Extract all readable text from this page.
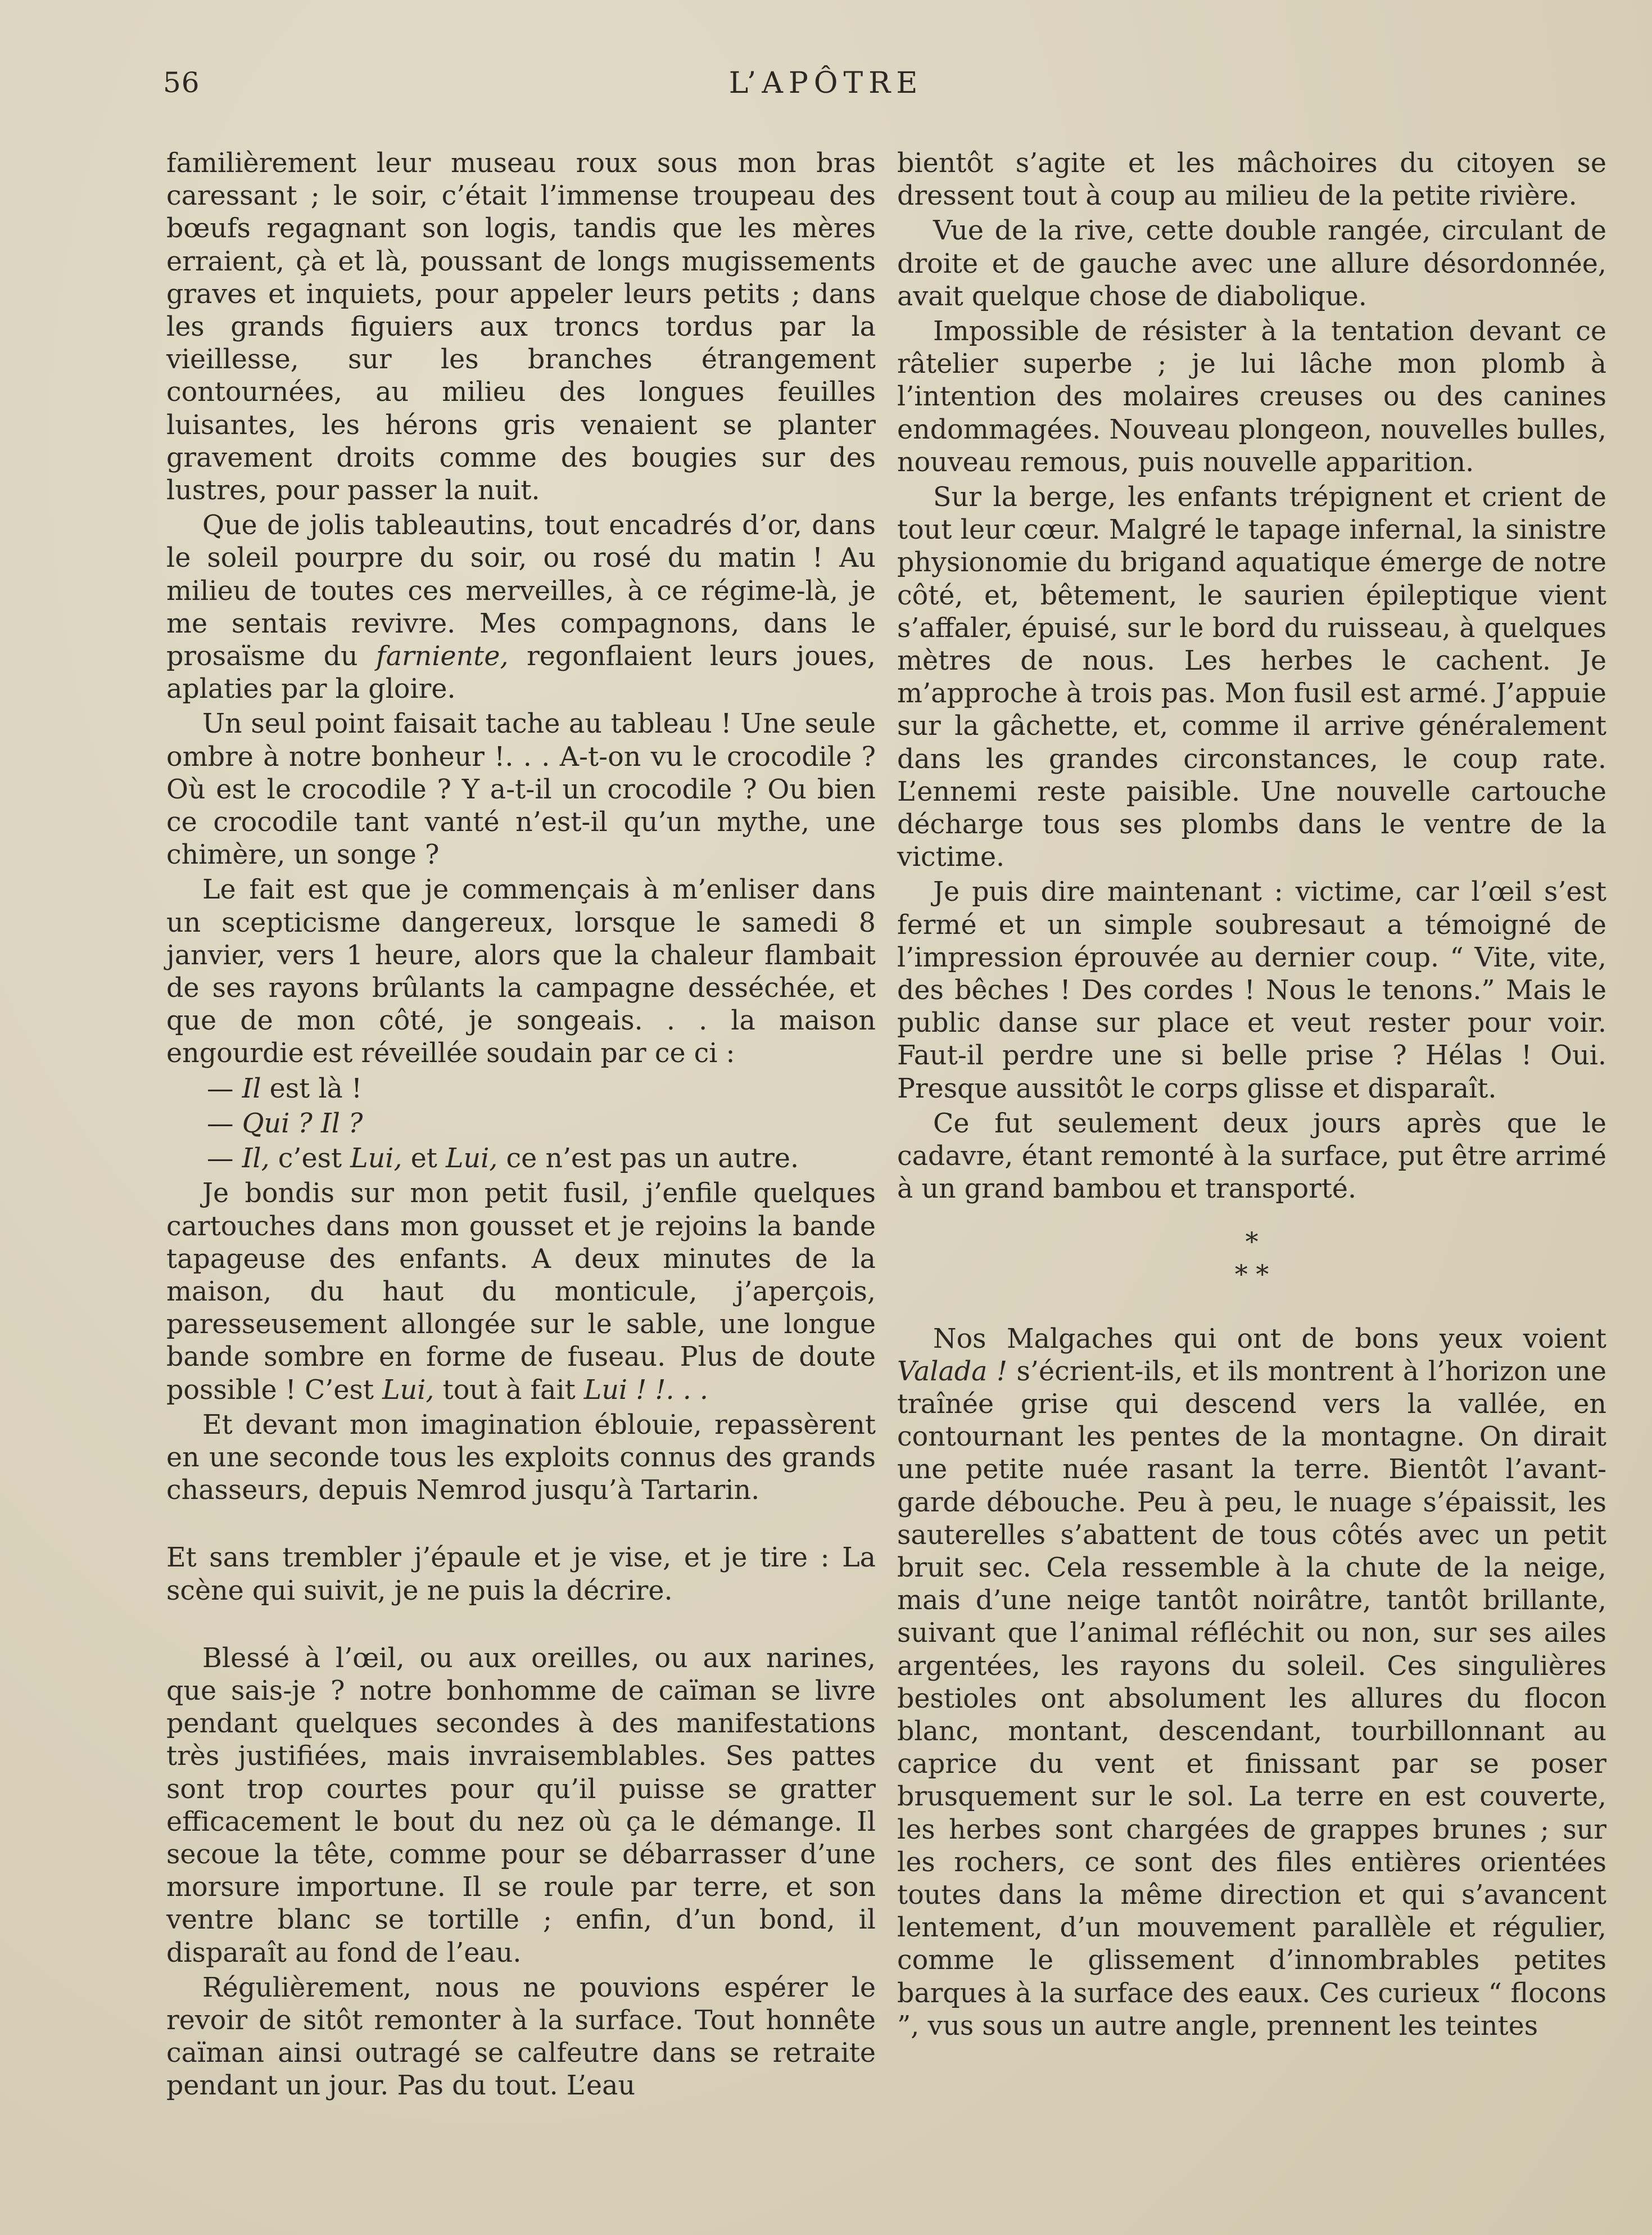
56	L’APÔTRE

familièrement leur museau roux sous mon bras caressant ; le soir, c’était l’immense troupeau des bœufs regagnant son logis, tandis que les mères erraient, çà et là, poussant de longs mugissements graves et inquiets, pour appeler leurs petits ; dans les grands figuiers aux troncs tordus par la vieillesse, sur les branches étrangement contournées, au milieu des longues feuilles luisantes, les hérons gris venaient se planter gravement droits comme des bougies sur des lustres, pour passer la nuit.

Que de jolis tableautins, tout encadrés d’or, dans le soleil pourpre du soir, ou rosé du matin ! Au milieu de toutes ces merveilles, à ce régime-là, je me sentais revivre. Mes compagnons, dans le prosaïsme du farniente, regonflaient leurs joues, aplaties par la gloire.

Un seul point faisait tache au tableau ! Une seule ombre à notre bonheur !. . . A-t-on vu le crocodile ? Où est le crocodile ? Y a-t-il un crocodile ? Ou bien ce crocodile tant vanté n’est-il qu’un mythe, une chimère, un songe ?

Le fait est que je commençais à m’enliser dans un scepticisme dangereux, lorsque le samedi 8 janvier, vers 1 heure, alors que la chaleur flambait de ses rayons brûlants la campagne desséchée, et que de mon côté, je songeais. . . la maison engourdie est réveillée soudain par ce ci :

— Il est là !

— Qui ? Il ?

— Il, c’est Lui, et Lui, ce n’est pas un autre.

Je bondis sur mon petit fusil, j’enfile quelques cartouches dans mon gousset et je rejoins la bande tapageuse des enfants. A deux minutes de la maison, du haut du monticule, j’aperçois, paresseusement allongée sur le sable, une longue bande sombre en forme de fuseau. Plus de doute possible ! C’est Lui, tout à fait Lui ! !. . .

Et devant mon imagination éblouie, repassèrent en une seconde tous les exploits connus des grands chasseurs, depuis Nemrod jusqu’à Tartarin.

Et sans trembler j’épaule et je vise, et je tire : La scène qui suivit, je ne puis la décrire.

Blessé à l’œil, ou aux oreilles, ou aux narines, que sais-je ? notre bonhomme de caïman se livre pendant quelques secondes à des manifestations très justifiées, mais invraisemblables. Ses pattes sont trop courtes pour qu’il puisse se gratter efficacement le bout du nez où ça le démange. Il secoue la tête, comme pour se débarrasser d’une morsure importune. Il se roule par terre, et son ventre blanc se tortille ; enfin, d’un bond, il disparaît au fond de l’eau.

Régulièrement, nous ne pouvions espérer le revoir de sitôt remonter à la surface. Tout honnête caïman ainsi outragé se calfeutre dans se retraite pendant un jour. Pas du tout. L’eau

bientôt s’agite et les mâchoires du citoyen se dressent tout à coup au milieu de la petite rivière.

Vue de la rive, cette double rangée, circulant de droite et de gauche avec une allure désordonnée, avait quelque chose de diabolique.

Impossible de résister à la tentation devant ce râtelier superbe ; je lui lâche mon plomb à l’intention des molaires creuses ou des canines endommagées. Nouveau plongeon, nouvelles bulles, nouveau remous, puis nouvelle apparition.

Sur la berge, les enfants trépignent et crient de tout leur cœur. Malgré le tapage infernal, la sinistre physionomie du brigand aquatique émerge de notre côté, et, bêtement, le saurien épileptique vient s’affaler, épuisé, sur le bord du ruisseau, à quelques mètres de nous. Les herbes le cachent. Je m’approche à trois pas. Mon fusil est armé. J’appuie sur la gâchette, et, comme il arrive généralement dans les grandes circonstances, le coup rate. L’ennemi reste paisible. Une nouvelle cartouche décharge tous ses plombs dans le ventre de la victime.

Je puis dire maintenant : victime, car l’œil s’est fermé et un simple soubresaut a témoigné de l’impression éprouvée au dernier coup. “ Vite, vite, des bêches ! Des cordes ! Nous le tenons.” Mais le public danse sur place et veut rester pour voir. Faut-il perdre une si belle prise ? Hélas ! Oui. Presque aussitôt le corps glisse et disparaît.

Ce fut seulement deux jours après que le cadavre, étant remonté à la surface, put être arrimé à un grand bambou et transporté.

*
* *

Nos Malgaches qui ont de bons yeux voient Valada ! s’écrient-ils, et ils montrent à l’horizon une traînée grise qui descend vers la vallée, en contournant les pentes de la montagne. On dirait une petite nuée rasant la terre. Bientôt l’avant-garde débouche. Peu à peu, le nuage s’épaissit, les sauterelles s’abattent de tous côtés avec un petit bruit sec. Cela ressemble à la chute de la neige, mais d’une neige tantôt noirâtre, tantôt brillante, suivant que l’animal réfléchit ou non, sur ses ailes argentées, les rayons du soleil. Ces singulières bestioles ont absolument les allures du flocon blanc, montant, descendant, tourbillonnant au caprice du vent et finissant par se poser brusquement sur le sol. La terre en est couverte, les herbes sont chargées de grappes brunes ; sur les rochers, ce sont des files entières orientées toutes dans la même direction et qui s’avancent lentement, d’un mouvement parallèle et régulier, comme le glissement d’innombrables petites barques à la surface des eaux. Ces curieux “ flocons ”, vus sous un autre angle, prennent les teintes
